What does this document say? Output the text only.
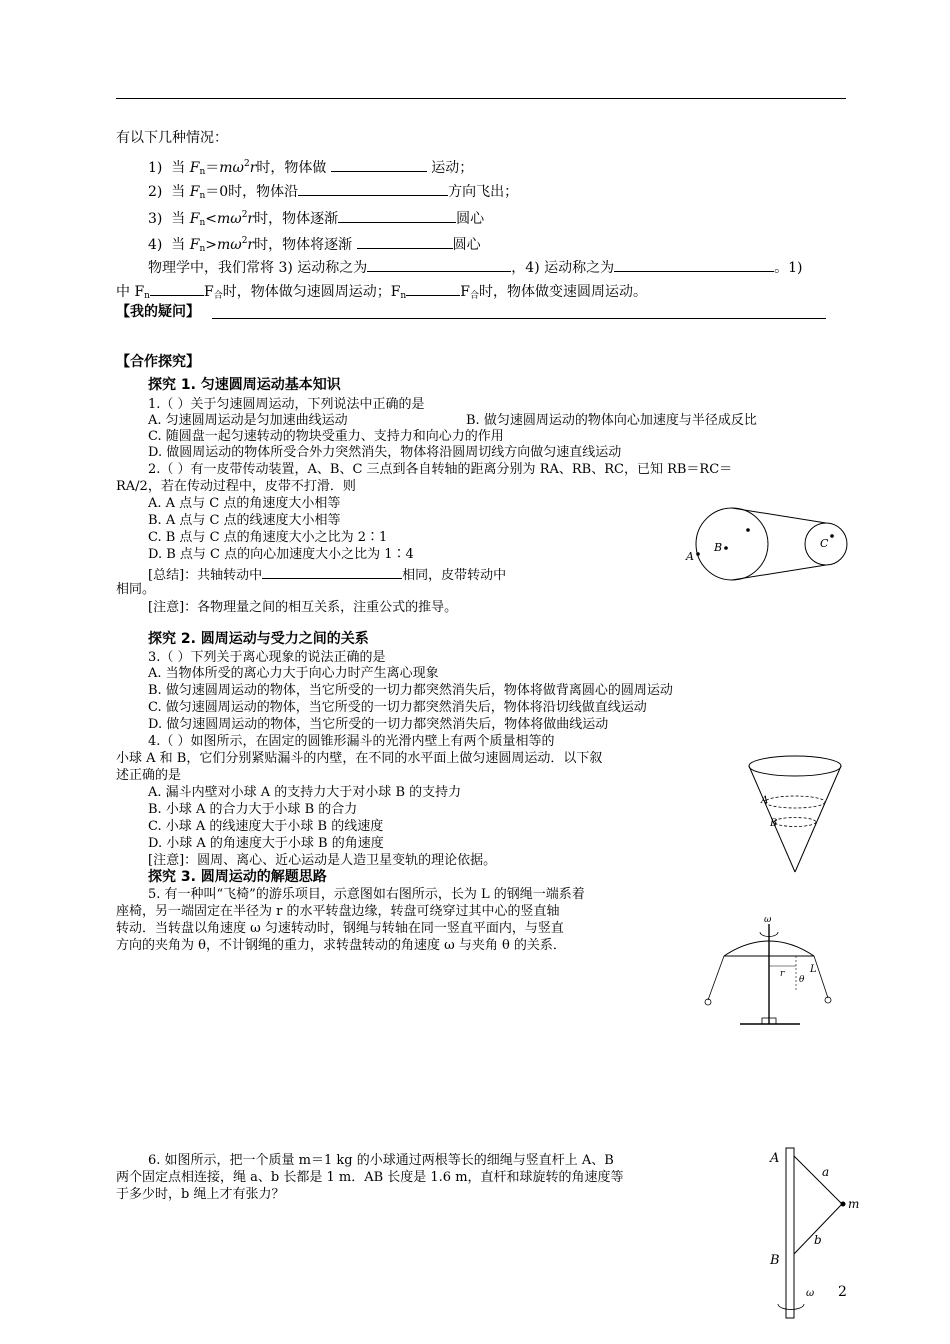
有以下几种情况：
1) 当 $F_n=m\omega^2r$时，物体做	运动；
2) 当 $F_n=0$时，物体沿	方向飞出；
3) 当 $F_n<m\omega^2r$时，物体逐渐	圆心
4) 当 $F_n>m\omega^2r$时，物体将逐渐	圆心
物理学中，我们常将 3) 运动称之为	，4) 运动称之为	。1)
中 $F_n$	$F_合$时，物体做匀速圆周运动；$F_n$	$F_合$时，物体做变速圆周运动。
【我的疑问】
【合作探究】
探究 1. 匀速圆周运动基本知识
1.（ ）关于匀速圆周运动，下列说法中正确的是
A. 匀速圆周运动是匀加速曲线运动	B. 做匀速圆周运动的物体向心加速度与半径成反比
C. 随圆盘一起匀速转动的物块受重力、支持力和向心力的作用
D. 做圆周运动的物体所受合外力突然消失，物体将沿圆周切线方向做匀速直线运动
2.（ ）有一皮带传动装置，A、B、C 三点到各自转轴的距离分别为 RA、RB、RC，已知 RB＝RC＝
RA/2，若在传动过程中，皮带不打滑．则
A. A 点与 C 点的角速度大小相等
B. A 点与 C 点的线速度大小相等
C. B 点与 C 点的角速度大小之比为 2∶1
D. B 点与 C 点的向心加速度大小之比为 1∶4
[总结]：共轴转动中	相同，皮带转动中
相同。
[注意]：各物理量之间的相互关系，注重公式的推导。
A
B	C
探究 2. 圆周运动与受力之间的关系
3.（ ）下列关于离心现象的说法正确的是
A. 当物体所受的离心力大于向心力时产生离心现象
B. 做匀速圆周运动的物体，当它所受的一切力都突然消失后，物体将做背离圆心的圆周运动
C. 做匀速圆周运动的物体，当它所受的一切力都突然消失后，物体将沿切线做直线运动
D. 做匀速圆周运动的物体，当它所受的一切力都突然消失后，物体将做曲线运动
4.（ ）如图所示，在固定的圆锥形漏斗的光滑内壁上有两个质量相等的
小球 A 和 B，它们分别紧贴漏斗的内壁，在不同的水平面上做匀速圆周运动．以下叙
述正确的是
A. 漏斗内壁对小球 A 的支持力大于对小球 B 的支持力
B. 小球 A 的合力大于小球 B 的合力
C. 小球 A 的线速度大于小球 B 的线速度
D. 小球 A 的角速度大于小球 B 的角速度
[注意]：圆周、离心、近心运动是人造卫星变轨的理论依据。
A
B
探究 3. 圆周运动的解题思路
5. 有一种叫“飞椅”的游乐项目，示意图如右图所示，长为 L 的钢绳一端系着
座椅，另一端固定在半径为 r 的水平转盘边缘，转盘可绕穿过其中心的竖直轴
转动．当转盘以角速度 ω 匀速转动时，钢绳与转轴在同一竖直平面内，与竖直
方向的夹角为 θ，不计钢绳的重力，求转盘转动的角速度 ω 与夹角 θ 的关系．
ω
r	L
θ
6. 如图所示，把一个质量 m＝1 kg 的小球通过两根等长的细绳与竖直杆上 A、B
两个固定点相连接，绳 a、b 长都是 1 m．AB 长度是 1.6 m，直杆和球旋转的角速度等
于多少时，b 绳上才有张力？
A
B
a
b
m
ω 2
